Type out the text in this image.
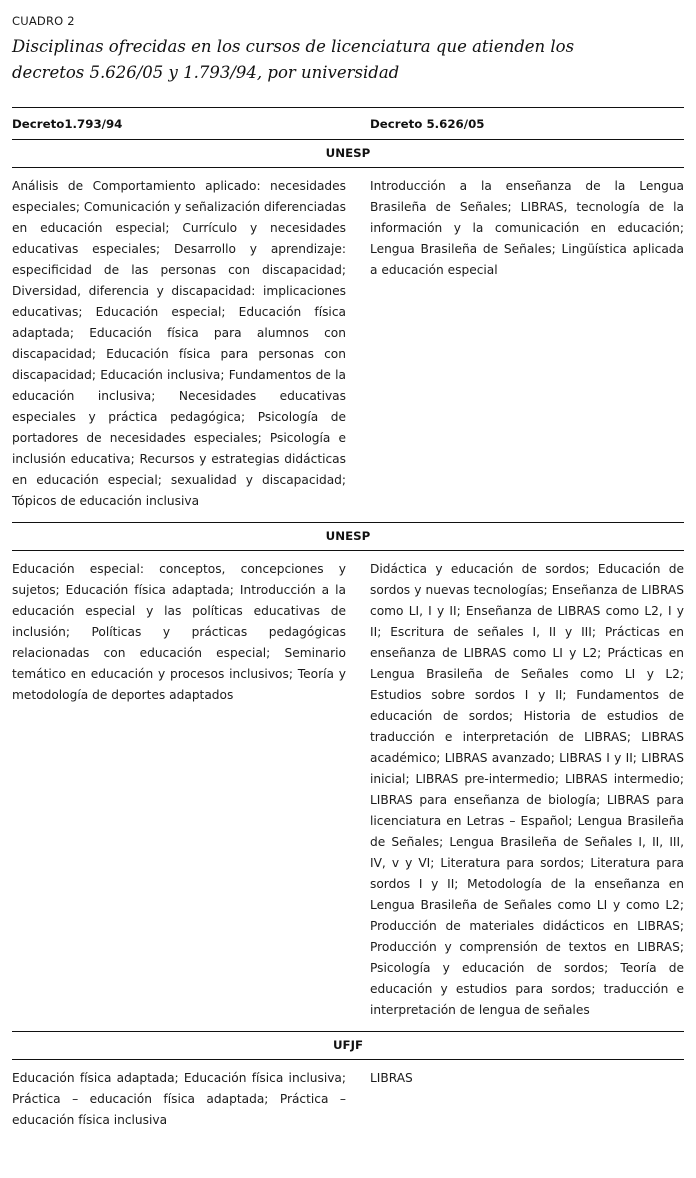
CUADRO 2
Disciplinas ofrecidas en los cursos de licenciatura que atienden los decretos 5.626/05 y 1.793/94, por universidad
Decreto1.793/94	Decreto 5.626/05
UNESP	
Análisis de Comportamiento aplicado: necesidades especiales; Comunicación y señalización diferenciadas en educación especial; Currículo y necesidades educativas especiales; Desarrollo y aprendizaje: especificidad de las personas con discapacidad; Diversidad, diferencia y discapacidad: implicaciones educativas; Educación especial; Educación física adaptada; Educación física para alumnos con discapacidad; Educación física para personas con discapacidad; Educación inclusiva; Fundamentos de la educación inclusiva; Necesidades educativas especiales y práctica pedagógica; Psicología de portadores de necesidades especiales; Psicología e inclusión educativa; Recursos y estrategias didácticas en educación especial; sexualidad y discapacidad; Tópicos de educación inclusiva	Introducción a la enseñanza de la Lengua Brasileña de Señales; LIBRAS, tecnología de la información y la comunicación en educación; Lengua Brasileña de Señales; Lingüística aplicada a educación especial
UNESP	
Educación especial: conceptos, concepciones y sujetos; Educación física adaptada; Introducción a la educación especial y las políticas educativas de inclusión; Políticas y prácticas pedagógicas relacionadas con educación especial; Seminario temático en educación y procesos inclusivos; Teoría y metodología de deportes adaptados	Didáctica y educación de sordos; Educación de sordos y nuevas tecnologías; Enseñanza de LIBRAS como LI, I y II; Enseñanza de LIBRAS como L2, I y II; Escritura de señales I, II y III; Prácticas en enseñanza de LIBRAS como LI y L2; Prácticas en Lengua Brasileña de Señales como LI y L2; Estudios sobre sordos I y II; Fundamentos de educación de sordos; Historia de estudios de traducción e interpretación de LIBRAS; LIBRAS académico; LIBRAS avanzado; LIBRAS I y II; LIBRAS inicial; LIBRAS pre-intermedio; LIBRAS intermedio; LIBRAS para enseñanza de biología; LIBRAS para licenciatura en Letras – Español; Lengua Brasileña de Señales; Lengua Brasileña de Señales I, II, III, IV, v y VI; Literatura para sordos; Literatura para sordos I y II; Metodología de la enseñanza en Lengua Brasileña de Señales como LI y como L2; Producción de materiales didácticos en LIBRAS; Producción y comprensión de textos en LIBRAS; Psicología y educación de sordos; Teoría de educación y estudios para sordos; traducción e interpretación de lengua de señales
UFJF	
Educación física adaptada; Educación física inclusiva; Práctica – educación física adaptada; Práctica – educación física inclusiva	LIBRAS
